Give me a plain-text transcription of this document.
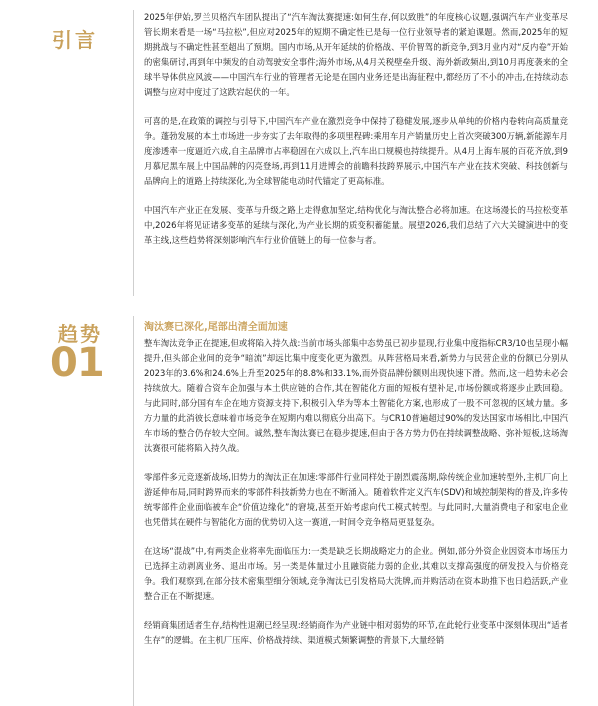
引言

2025年伊始,罗兰贝格汽车团队提出了“汽车淘汰赛提速:如何生存,何以致胜”的年度核心议题,强调汽车产业变革尽管长期来看是一场“马拉松”,但应对2025年的短期不确定性已是每一位行业领导者的紧迫课题。然而,2025年的短期挑战与不确定性甚至超出了预期。国内市场,从开年延续的价格战、平价智驾的新竞争,到3月业内对“反内卷”开始的密集研讨,再到年中频发的自动驾驶安全事件;海外市场,从4月关税壁垒升级、海外新政频出,到10月再度袭来的全球半导体供应风波——中国汽车行业的管理者无论是在国内业务还是出海征程中,都经历了不小的冲击,在持续动态调整与应对中度过了这跌宕起伏的一年。

可喜的是,在政策的调控与引导下,中国汽车产业在激烈竞争中保持了稳健发展,逐步从单纯的价格内卷转向高质量竞争。蓬勃发展的本土市场进一步夯实了去年取得的多项里程碑:乘用车月产销量历史上首次突破300万辆,新能源车月度渗透率一度逼近六成,自主品牌市占率稳固在六成以上,汽车出口规模也持续提升。从4月上海车展的百花齐放,到9月慕尼黑车展上中国品牌的闪亮登场,再到11月进博会的前瞻科技跨界展示,中国汽车产业在技术突破、科技创新与品牌向上的道路上持续深化,为全球智能电动时代锚定了更高标准。

中国汽车产业正在发展、变革与升级之路上走得愈加坚定,结构优化与淘汰整合必将加速。在这场漫长的马拉松变革中,2026年将见证诸多变革的延续与深化,为产业长期的质变积蓄能量。展望2026,我们总结了六大关键演进中的变革主线,这些趋势将深刻影响汽车行业价值链上的每一位参与者。

趋势
01
淘汰赛已深化,尾部出清全面加速

整车淘汰竞争正在提速,但或将陷入持久战:当前市场头部集中态势虽已初步显现,行业集中度指标CR3/10也呈现小幅提升,但头部企业间的竞争“暗流”却远比集中度变化更为激烈。从阵营格局来看,新势力与民营企业的份额已分别从2023年的3.6%和24.6%上升至2025年的8.8%和33.1%,而外资品牌份额则出现快速下滑。然而,这一趋势未必会持续放大。随着合资车企加强与本土供应链的合作,其在智能化方面的短板有望补足,市场份额或将逐步止跌回稳。与此同时,部分国有车企在地方资源支持下,积极引入华为等本土智能化方案,也形成了一股不可忽视的区域力量。多方力量的此消彼长意味着市场竞争在短期内难以彻底分出高下。与CR10普遍超过90%的发达国家市场相比,中国汽车市场的整合仍存较大空间。诚然,整车淘汰赛已在稳步提速,但由于各方势力仍在持续调整战略、弥补短板,这场淘汰赛很可能将陷入持久战。

零部件多元竞逐新战场,旧势力的淘汰正在加速:零部件行业同样处于剧烈震荡期,除传统企业加速转型外,主机厂向上游延伸布局,同时跨界而来的零部件科技新势力也在不断涌入。随着软件定义汽车(SDV)和域控制架构的普及,许多传统零部件企业面临被车企“价值边缘化”的窘境,甚至开始考虑向代工模式转型。与此同时,大量消费电子和家电企业也凭借其在硬件与智能化方面的优势切入这一赛道,一时间令竞争格局更显复杂。

在这场“混战”中,有两类企业将率先面临压力:一类是缺乏长期战略定力的企业。例如,部分外资企业因资本市场压力已选择主动剥离业务、退出市场。另一类是体量过小且融资能力弱的企业,其难以支撑高强度的研发投入与价格竞争。我们观察到,在部分技术密集型细分领域,竞争淘汰已引发格局大洗牌,而并购活动在资本助推下也日趋活跃,产业整合正在不断提速。

经销商集团适者生存,结构性退潮已经呈现:经销商作为产业链中相对弱势的环节,在此轮行业变革中深刻体现出“适者生存”的逻辑。在主机厂压库、价格战持续、渠道模式频繁调整的背景下,大量经销
